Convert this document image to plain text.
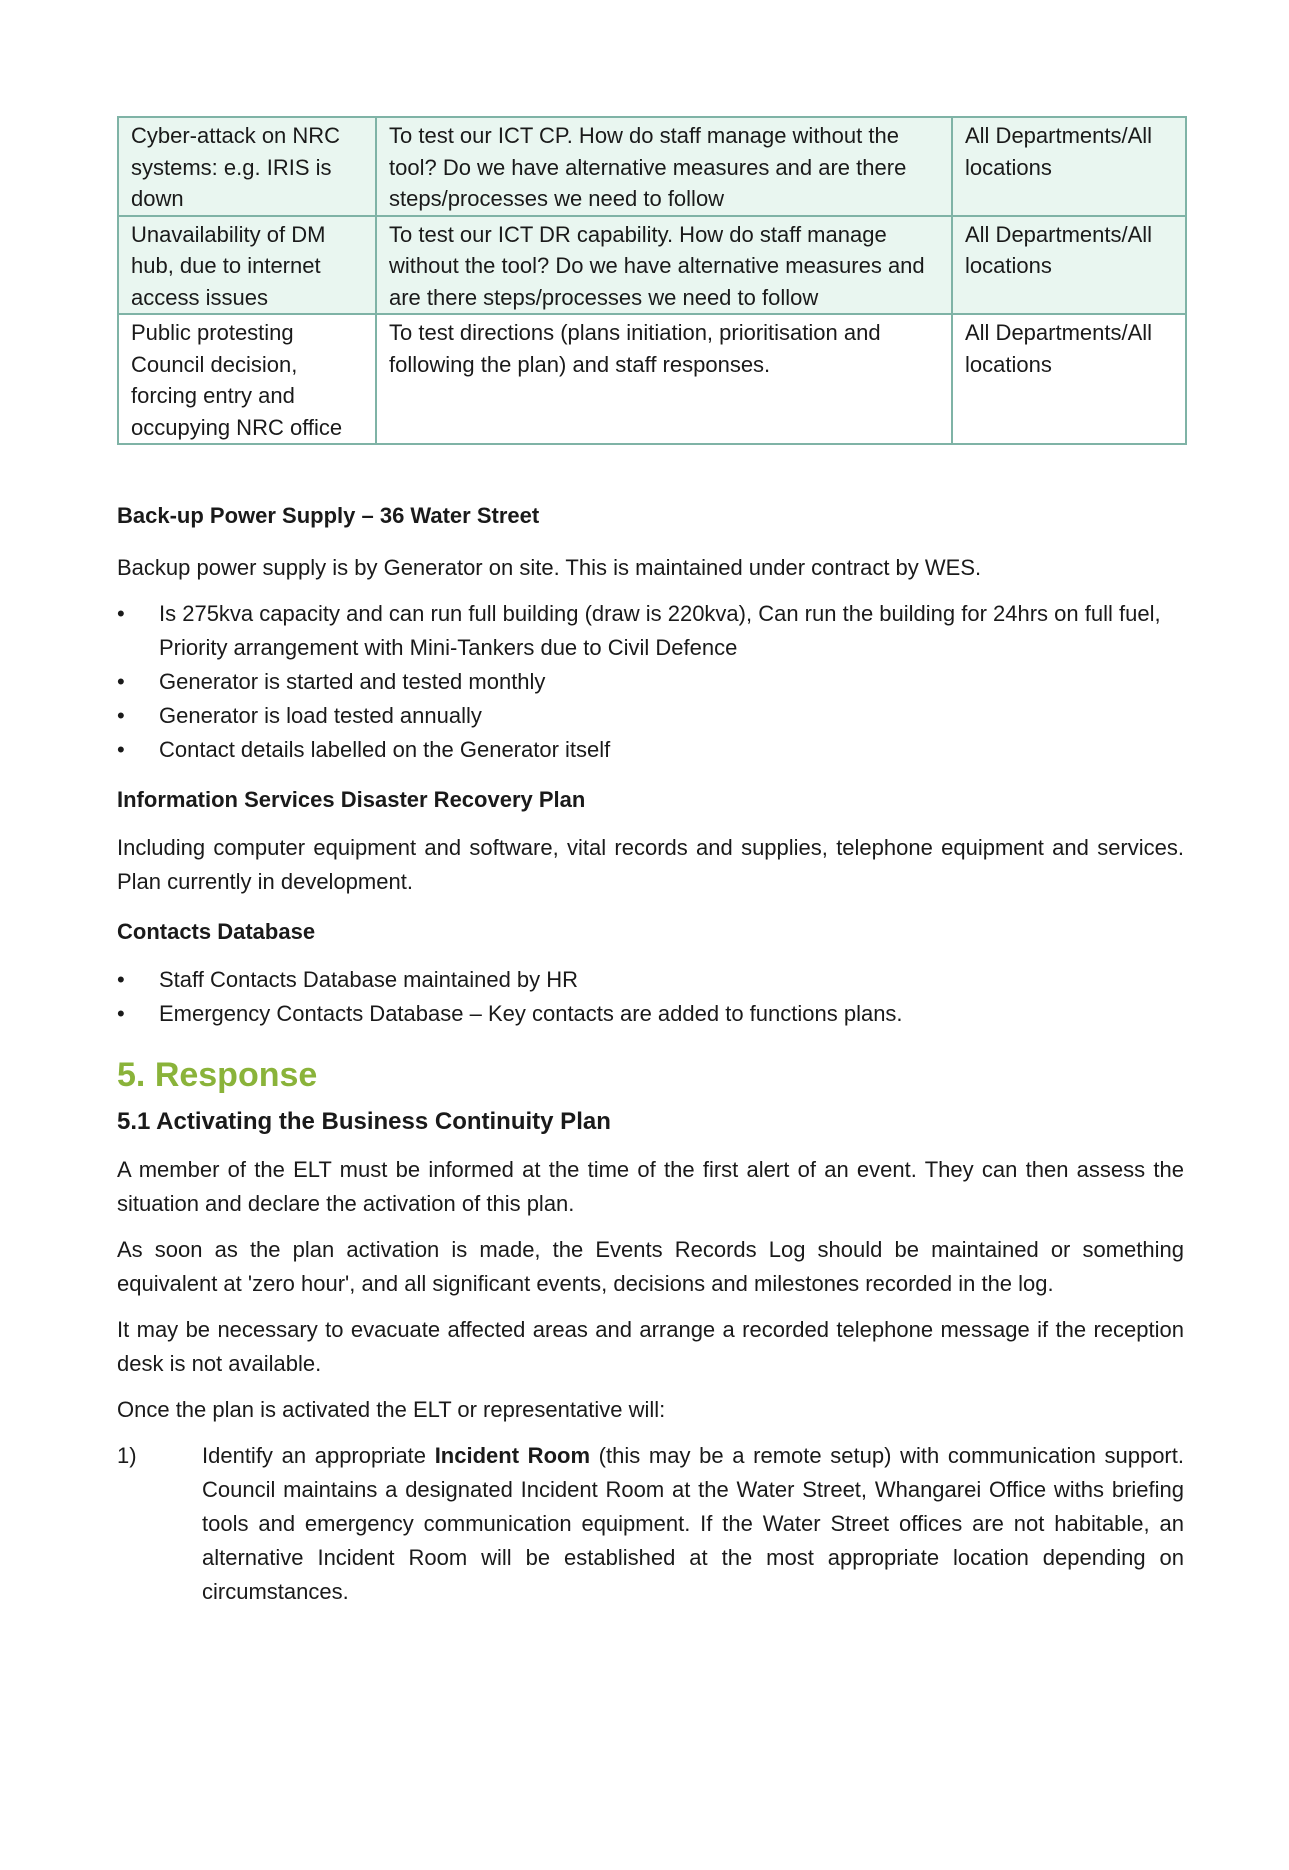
Cyber-attack on NRC systems: e.g. IRIS is down	To test our ICT CP. How do staff manage without the tool? Do we have alternative measures and are there steps/processes we need to follow	All Departments/All locations
Unavailability of DM hub, due to internet access issues	To test our ICT DR capability. How do staff manage without the tool? Do we have alternative measures and are there steps/processes we need to follow	All Departments/All locations
Public protesting Council decision, forcing entry and occupying NRC office	To test directions (plans initiation, prioritisation and following the plan) and staff responses.	All Departments/All locations

Back-up Power Supply – 36 Water Street

Backup power supply is by Generator on site. This is maintained under contract by WES.

•	Is 275kva capacity and can run full building (draw is 220kva), Can run the building for 24hrs on full fuel, Priority arrangement with Mini-Tankers due to Civil Defence
•	Generator is started and tested monthly
•	Generator is load tested annually
•	Contact details labelled on the Generator itself

Information Services Disaster Recovery Plan

Including computer equipment and software, vital records and supplies, telephone equipment and services. Plan currently in development.

Contacts Database

•	Staff Contacts Database maintained by HR
•	Emergency Contacts Database – Key contacts are added to functions plans.
5. Response
5.1 Activating the Business Continuity Plan

A member of the ELT must be informed at the time of the first alert of an event. They can then assess the situation and declare the activation of this plan.

As soon as the plan activation is made, the Events Records Log should be maintained or something equivalent at 'zero hour', and all significant events, decisions and milestones recorded in the log.

It may be necessary to evacuate affected areas and arrange a recorded telephone message if the reception desk is not available.

Once the plan is activated the ELT or representative will:

1)	Identify an appropriate Incident Room (this may be a remote setup) with communication support. Council maintains a designated Incident Room at the Water Street, Whangarei Office withs briefing tools and emergency communication equipment. If the Water Street offices are not habitable, an alternative Incident Room will be established at the most appropriate location depending on circumstances.
